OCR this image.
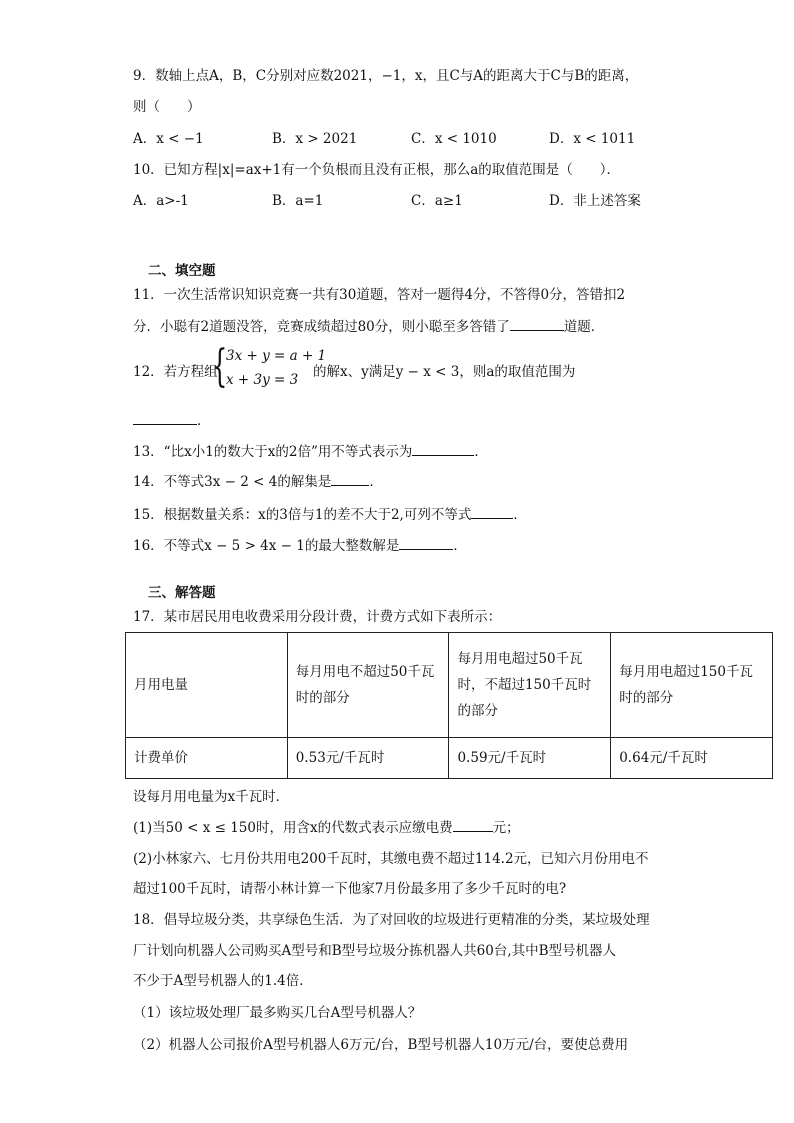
9．数轴上点A，B，C分别对应数2021，−1，x，且C与A的距离大于C与B的距离，
则（　　）
A．x < −1	B．x > 2021	C．x < 1010	D．x < 1011
10．已知方程|x|=ax+1有一个负根而且没有正根，那么a的取值范围是（　　）．
A．a>-1	B．a=1	C．a≥1	D．非上述答案
二、填空题
11．一次生活常识知识竞赛一共有30道题，答对一题得4分，不答得0分，答错扣2
分．小聪有2道题没答，竞赛成绩超过80分，则小聪至多答错了	道题．
12．若方程组
{
3x + y = a + 1
x + 3y = 3 的解x、y满足y − x < 3，则a的取值范围为
．
13．“比x小1的数大于x的2倍”用不等式表示为	．
14．不等式3x − 2 < 4的解集是	．
15．根据数量关系：x的3倍与1的差不大于2,可列不等式	．
16．不等式x − 5 > 4x − 1的最大整数解是	．
三、解答题
17．某市居民用电收费采用分段计费，计费方式如下表所示：
月用电量	每月用电不超过50千瓦时的部分	每月用电超过50千瓦时，不超过150千瓦时的部分	每月用电超过150千瓦时的部分
计费单价	0.53元/千瓦时	0.59元/千瓦时	0.64元/千瓦时
设每月用电量为x千瓦时．
(1)当50 < x ≤ 150时，用含x的代数式表示应缴电费	元；
(2)小林家六、七月份共用电200千瓦时，其缴电费不超过114.2元，已知六月份用电不
超过100千瓦时，请帮小林计算一下他家7月份最多用了多少千瓦时的电?
18．倡导垃圾分类，共享绿色生活．为了对回收的垃圾进行更精准的分类，某垃圾处理
厂计划向机器人公司购买A型号和B型号垃圾分拣机器人共60台,其中B型号机器人
不少于A型号机器人的1.4倍．
（1）该垃圾处理厂最多购买几台A型号机器人？
（2）机器人公司报价A型号机器人6万元/台，B型号机器人10万元/台，要使总费用
